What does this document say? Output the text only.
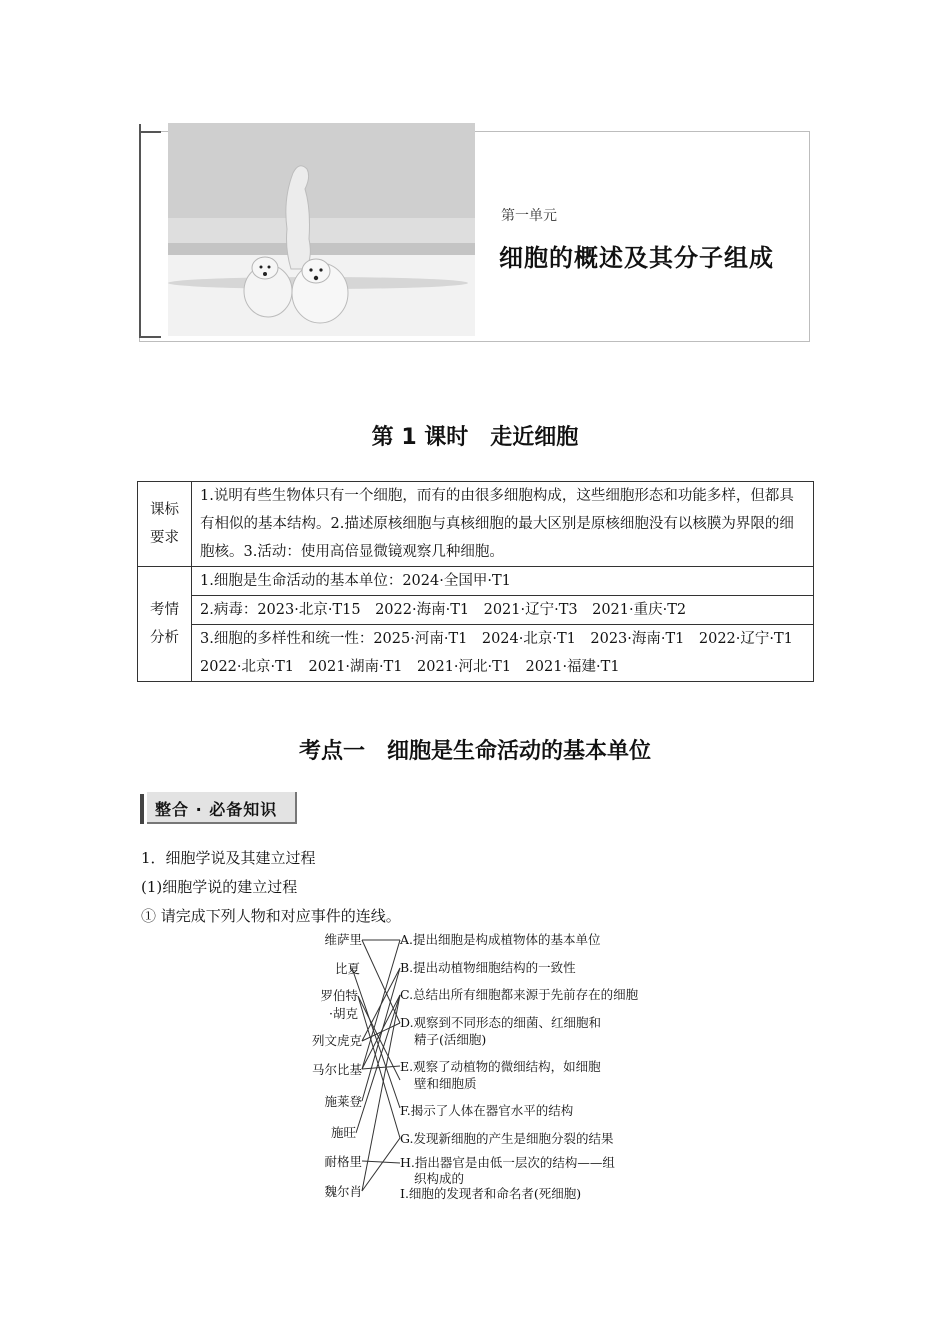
第一单元
细胞的概述及其分子组成
第 1 课时　走近细胞
课标
要求	1.说明有些生物体只有一个细胞，而有的由很多细胞构成，这些细胞形态和功能多样，但都具有相似的基本结构。2.描述原核细胞与真核细胞的最大区别是原核细胞没有以核膜为界限的细胞核。3.活动：使用高倍显微镜观察几种细胞。
考情
分析	1.细胞是生命活动的基本单位：2024·全国甲·T1
	2.病毒：2023·北京·T15　2022·海南·T1　2021·辽宁·T3　2021·重庆·T2
	3.细胞的多样性和统一性：2025·河南·T1　2024·北京·T1　2023·海南·T1　2022·辽宁·T1　2022·北京·T1　2021·湖南·T1　2021·河北·T1　2021·福建·T1
考点一　细胞是生命活动的基本单位
整合 · 必备知识
1．细胞学说及其建立过程
(1)细胞学说的建立过程
① 请完成下列人物和对应事件的连线。
维萨里
比夏
罗伯特
·胡克
列文虎克
马尔比基
施莱登
施旺
耐格里
魏尔肖
A.提出细胞是构成植物体的基本单位
B.提出动植物细胞结构的一致性
C.总结出所有细胞都来源于先前存在的细胞
D.观察到不同形态的细菌、红细胞和
精子(活细胞)
E.观察了动植物的微细结构，如细胞
壁和细胞质
F.揭示了人体在器官水平的结构
G.发现新细胞的产生是细胞分裂的结果
H.指出器官是由低一层次的结构——组
织构成的
I.细胞的发现者和命名者(死细胞)
